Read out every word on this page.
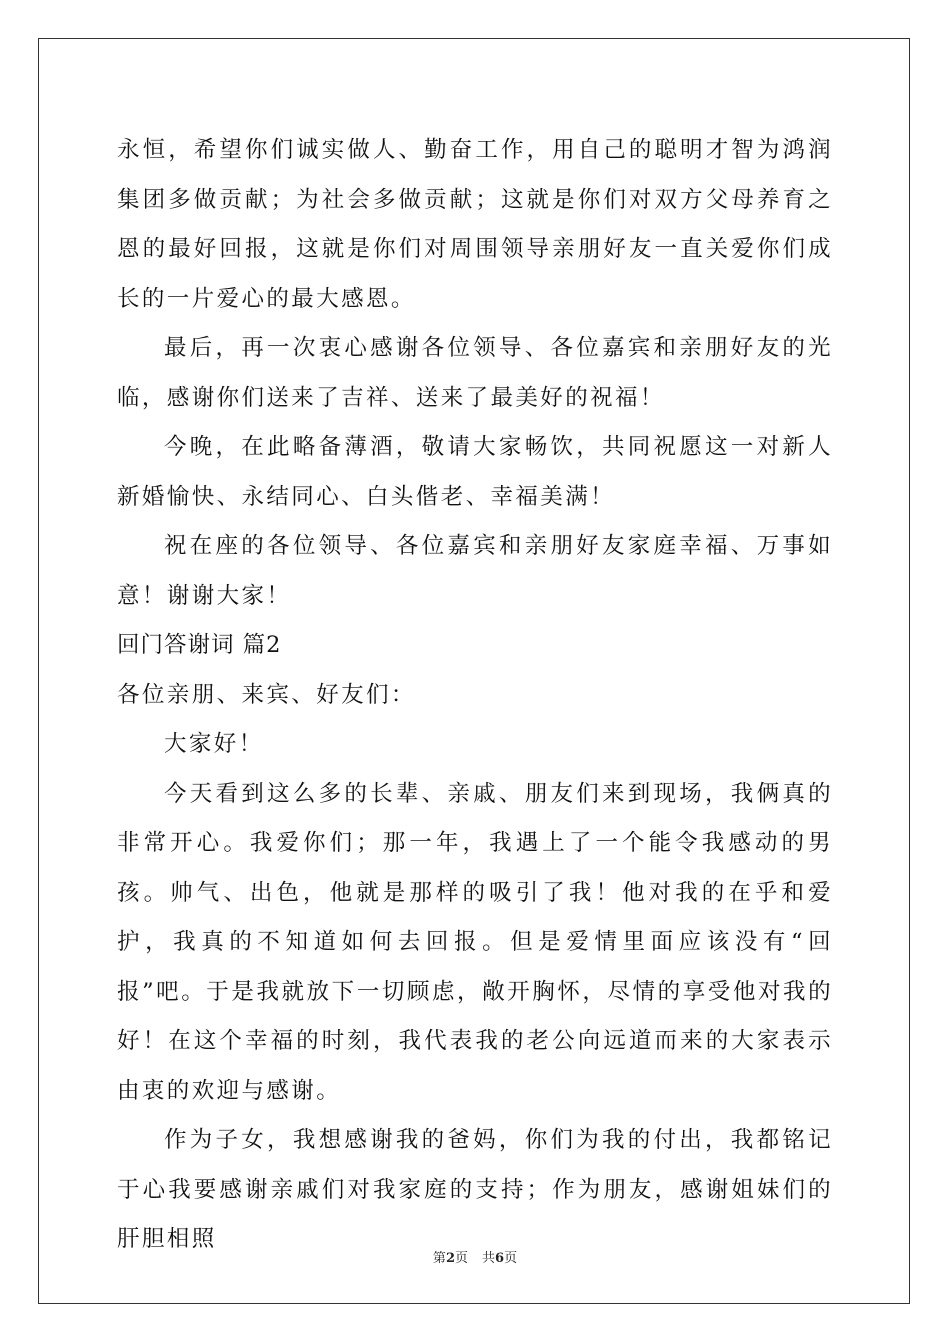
永恒，希望你们诚实做人、勤奋工作，用自己的聪明才智为鸿润集团多做贡献；为社会多做贡献；这就是你们对双方父母养育之恩的最好回报，这就是你们对周围领导亲朋好友一直关爱你们成长的一片爱心的最大感恩。

最后，再一次衷心感谢各位领导、各位嘉宾和亲朋好友的光临，感谢你们送来了吉祥、送来了最美好的祝福！

今晚，在此略备薄酒，敬请大家畅饮，共同祝愿这一对新人新婚愉快、永结同心、白头偕老、幸福美满！

祝在座的各位领导、各位嘉宾和亲朋好友家庭幸福、万事如意！谢谢大家！

回门答谢词 篇2

各位亲朋、来宾、好友们：

大家好！

今天看到这么多的长辈、亲戚、朋友们来到现场，我俩真的非常开心。我爱你们；那一年，我遇上了一个能令我感动的男孩。帅气、出色，他就是那样的吸引了我！他对我的在乎和爱护，我真的不知道如何去回报。但是爱情里面应该没有“回报”吧。于是我就放下一切顾虑，敞开胸怀，尽情的享受他对我的好！在这个幸福的时刻，我代表我的老公向远道而来的大家表示由衷的欢迎与感谢。

作为子女，我想感谢我的爸妈，你们为我的付出，我都铭记于心我要感谢亲戚们对我家庭的支持；作为朋友，感谢姐妹们的肝胆相照

第2页 共6页
